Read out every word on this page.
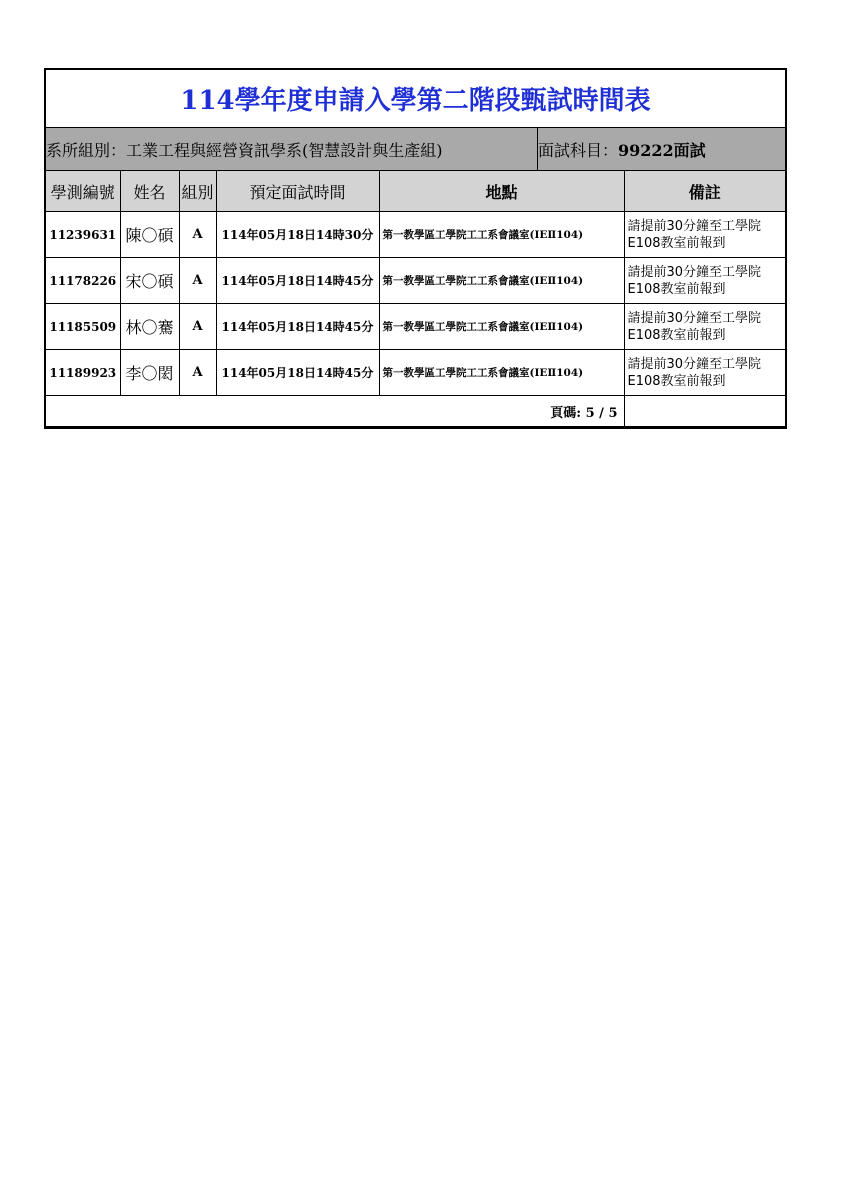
114學年度申請入學第二階段甄試時間表
系所組別： 工業工程與經營資訊學系(智慧設計與生產組)	面試科目： 99222面試
學測編號	姓名	組別	預定面試時間	地點	備註
11239631	陳〇碩	A	114年05月18日14時30分	第一教學區工學院工工系會議室(IEⅡ104)	請提前30分鐘至工學院
E108教室前報到
11178226	宋〇碩	A	114年05月18日14時45分	第一教學區工學院工工系會議室(IEⅡ104)	請提前30分鐘至工學院
E108教室前報到
11185509	林〇騫	A	114年05月18日14時45分	第一教學區工學院工工系會議室(IEⅡ104)	請提前30分鐘至工學院
E108教室前報到
11189923	李〇閎	A	114年05月18日14時45分	第一教學區工學院工工系會議室(IEⅡ104)	請提前30分鐘至工學院
E108教室前報到
頁碼: 5 / 5					
